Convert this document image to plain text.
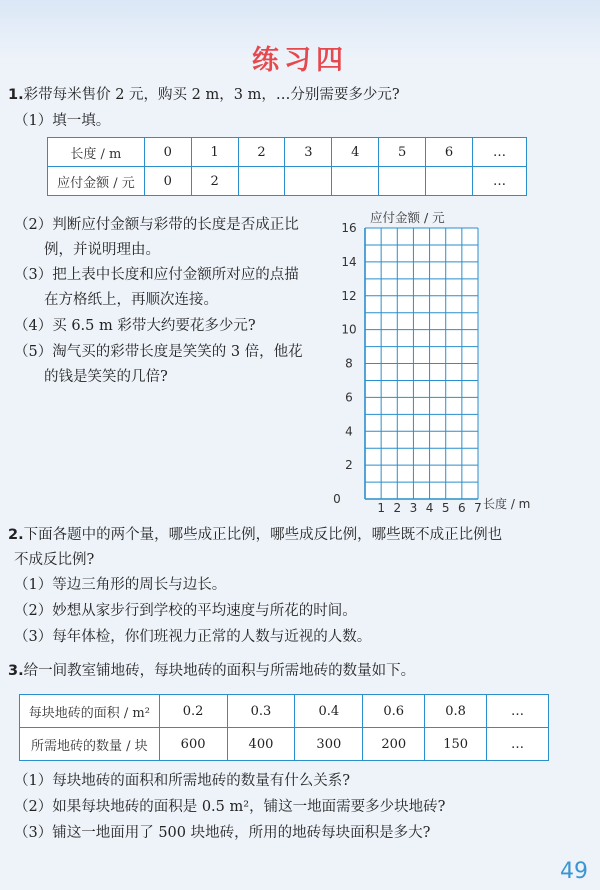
练习四
1.彩带每米售价 2 元，购买 2 m，3 m，…分别需要多少元?
（1）填一填。
长度 / m	0	1	2	3	4	5	6	…
应付金额 / 元	0	2						…
（2）判断应付金额与彩带的长度是否成正比
例，并说明理由。
（3）把上表中长度和应付金额所对应的点描
在方格纸上，再顺次连接。
（4）买 6.5 m 彩带大约要花多少元?
（5）淘气买的彩带长度是笑笑的 3 倍，他花
的钱是笑笑的几倍?
2
4
6
8
10
12
14
16
1 2 3 4 5 6 7
0
应付金额 / 元
长度 / m
2.下面各题中的两个量，哪些成正比例，哪些成反比例，哪些既不成正比例也
不成反比例?
（1）等边三角形的周长与边长。
（2）妙想从家步行到学校的平均速度与所花的时间。
（3）每年体检，你们班视力正常的人数与近视的人数。
3.给一间教室铺地砖，每块地砖的面积与所需地砖的数量如下。
每块地砖的面积 / m²	0.2	0.3	0.4	0.6	0.8	…
所需地砖的数量 / 块	600	400	300	200	150	…
（1）每块地砖的面积和所需地砖的数量有什么关系?
（2）如果每块地砖的面积是 0.5 m²，铺这一地面需要多少块地砖?
（3）铺这一地面用了 500 块地砖，所用的地砖每块面积是多大?
49
